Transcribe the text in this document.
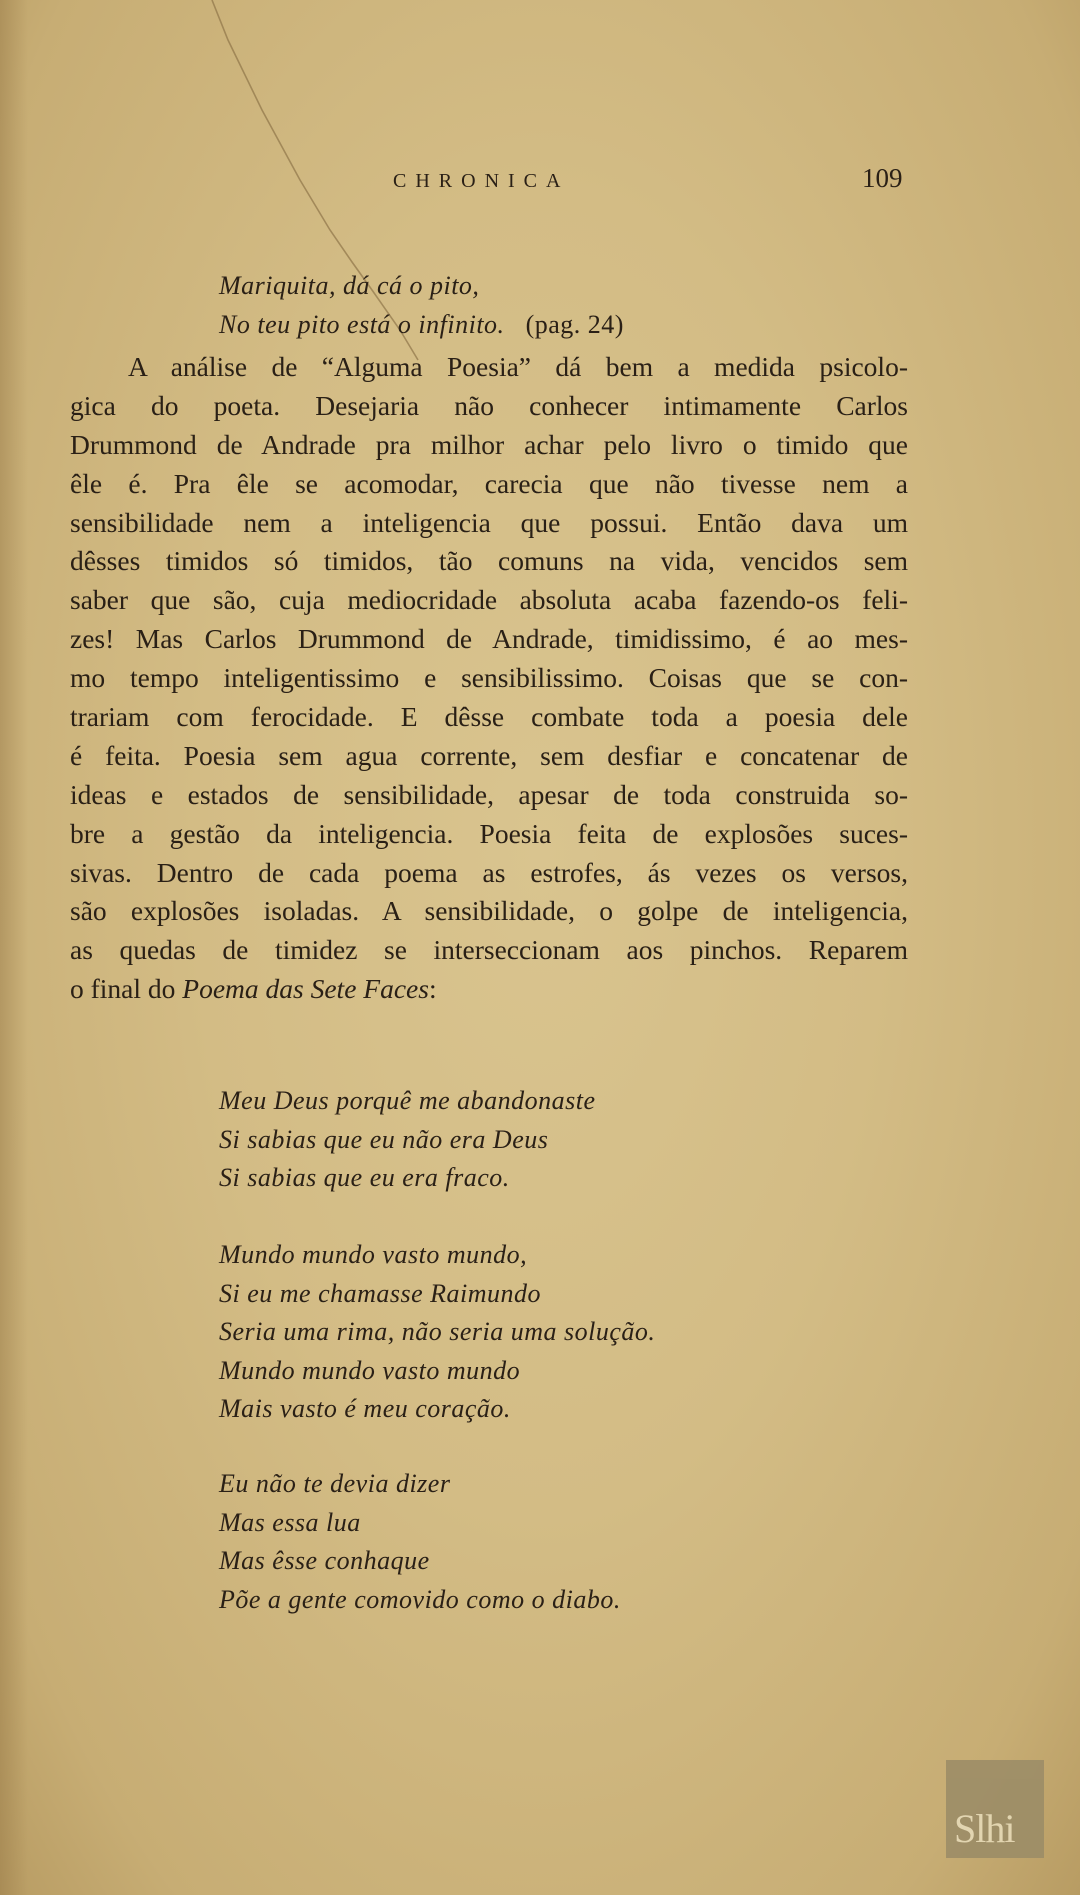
CHRONICA	109
Mariquita, dá cá o pito,
No teu pito está o infinito. (pag. 24)
A análise de “Alguma Poesia” dá bem a medida psicolo-
gica do poeta. Desejaria não conhecer intimamente Carlos
Drummond de Andrade pra milhor achar pelo livro o timido que
êle é. Pra êle se acomodar, carecia que não tivesse nem a
sensibilidade nem a inteligencia que possui. Então dava um
dêsses timidos só timidos, tão comuns na vida, vencidos sem
saber que são, cuja mediocridade absoluta acaba fazendo-os feli-
zes! Mas Carlos Drummond de Andrade, timidissimo, é ao mes-
mo tempo inteligentissimo e sensibilissimo. Coisas que se con-
trariam com ferocidade. E dêsse combate toda a poesia dele
é feita. Poesia sem agua corrente, sem desfiar e concatenar de
ideas e estados de sensibilidade, apesar de toda construida so-
bre a gestão da inteligencia. Poesia feita de explosões suces-
sivas. Dentro de cada poema as estrofes, ás vezes os versos,
são explosões isoladas. A sensibilidade, o golpe de inteligencia,
as quedas de timidez se interseccionam aos pinchos. Reparem
o final do Poema das Sete Faces:
Meu Deus porquê me abandonaste
Si sabias que eu não era Deus
Si sabias que eu era fraco.
Mundo mundo vasto mundo,
Si eu me chamasse Raimundo
Seria uma rima, não seria uma solução.
Mundo mundo vasto mundo
Mais vasto é meu coração.
Eu não te devia dizer
Mas essa lua
Mas êsse conhaque
Põe a gente comovido como o diabo.
Slhi
